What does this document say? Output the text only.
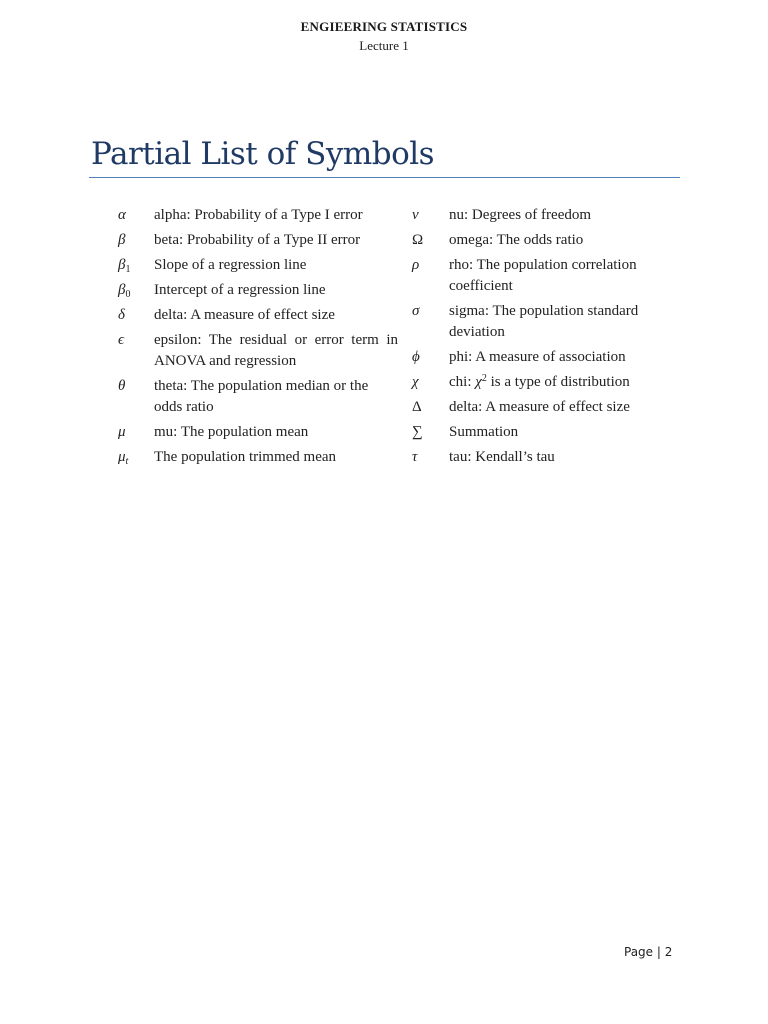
ENGIEERING STATISTICS
Lecture 1
Partial List of Symbols
α	alpha: Probability of a Type I error
β	beta: Probability of a Type II error
$\beta_1$	Slope of a regression line
$\beta_0$	Intercept of a regression line
δ	delta: A measure of effect size
ϵ	epsilon: The residual or error term in ANOVA and regression
θ	theta: The population median or the odds ratio
μ	mu: The population mean
$\mu_t$	The population trimmed mean
ν	nu: Degrees of freedom
Ω	omega: The odds ratio
ρ	rho: The population correlation coefficient
σ	sigma: The population standard deviation
ϕ	phi: A measure of association
χ	chi: $\chi^2$ is a type of distribution
Δ	delta: A measure of effect size
∑	Summation
τ	tau: Kendall’s tau
Page | 2
